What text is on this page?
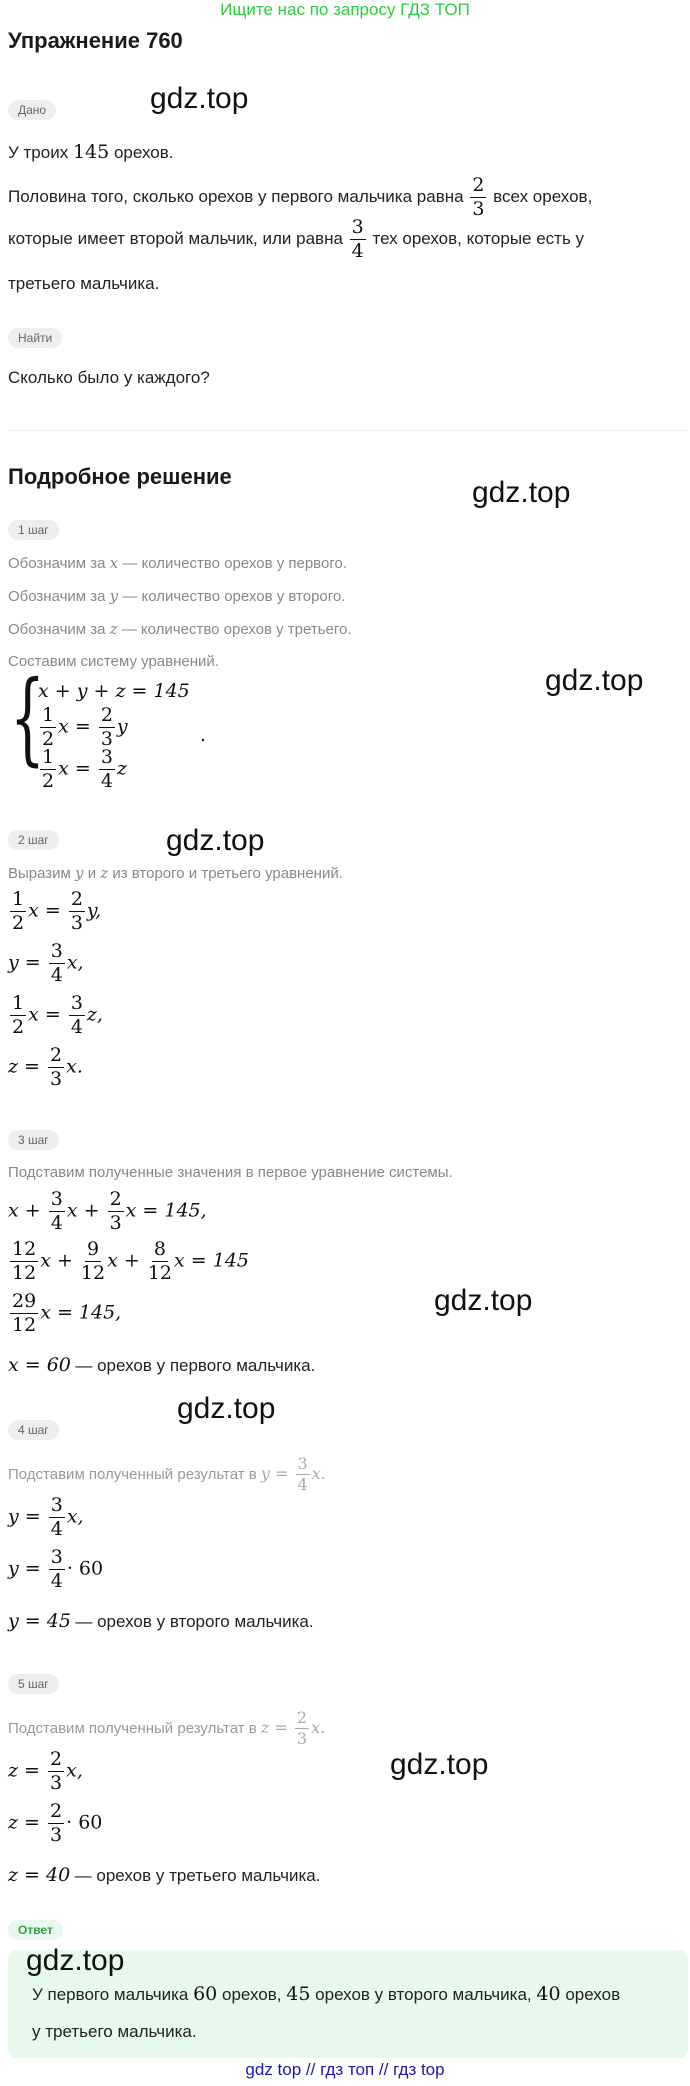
Ищите нас по запросу ГДЗ ТОП
Упражнение 760
Дано	gdz.top
У троих 145 орехов.
Половина того, сколько орехов у первого мальчика равна $\frac{2}{3}$ всех орехов,
которые имеет второй мальчик, или равна $\frac{3}{4}$ тех орехов, которые есть у
третьего мальчика.
Найти
Сколько было у каждого?
Подробное решение	gdz.top
1 шаг
Обозначим за x — количество орехов у первого.
Обозначим за y — количество орехов у второго.
Обозначим за z — количество орехов у третьего.
Составим систему уравнений.
{
x + y + z = 145
$\frac{1}{2}$ $x = \frac{2}{3}$ y
$\frac{1}{2}$ $x = \frac{3}{4}$ z
.
gdz.top
2 шаг	gdz.top
Выразим y и z из второго и третьего уравнений.
$\frac{1}{2}$ $x = \frac{2}{3} y$,
$y = \frac{3}{4} x$,
$\frac{1}{2}$ $x = \frac{3}{4} z$,
$z = \frac{2}{3} x$.
3 шаг
Подставим полученные значения в первое уравнение системы.
$x + \frac{3}{4}$ $x + \frac{2}{3}$ x = 145,
$\frac{12}{12}$ $x + \frac{9}{12}$ $x + \frac{8}{12}$ x = 145
$\frac{29}{12}$ x = 145,	gdz.top
x = 60 — орехов у первого мальчика.
gdz.top
4 шаг
Подставим полученный результат в $y = \frac{3}{4} x$.
$y = \frac{3}{4} x$,
$y = \frac{3}{4} \cdot 60$
y = 45 — орехов у второго мальчика.
5 шаг
Подставим полученный результат в $z = \frac{2}{3} x$.
$z = \frac{2}{3} x$,	gdz.top
$z = \frac{2}{3} \cdot 60$
z = 40 — орехов у третьего мальчика.
Ответ
gdz.top
У первого мальчика 60 орехов, 45 орехов у второго мальчика, 40 орехов
у третьего мальчика.
gdz top // гдз топ // гдз top
